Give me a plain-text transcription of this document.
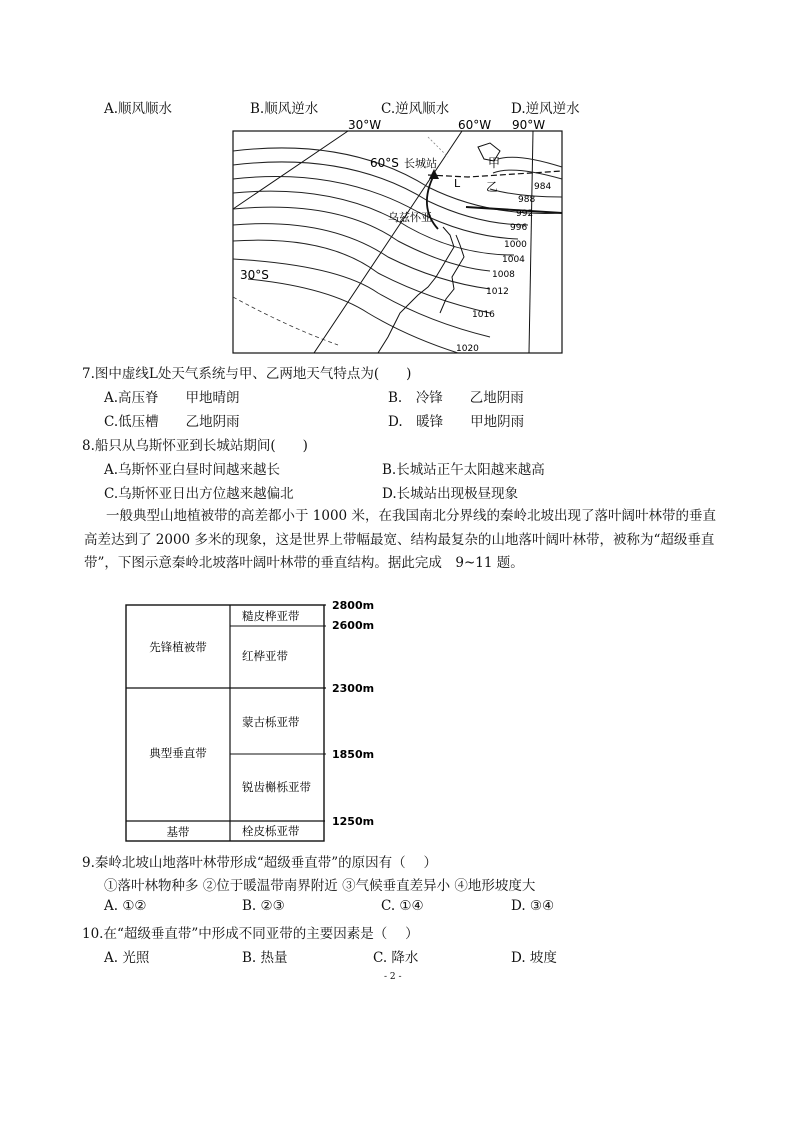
A.顺风顺水	B.顺风逆水	C.逆风顺水	D.逆风逆水
30°W	60°W 90°W
60°S
30°S
长城站
乌兹怀亚
甲
乙
L	984
988
992
996
1000
1004
1008
1012
1016
1020
7.图中虚线L处天气系统与甲、乙两地天气特点为(　　)
A.高压脊　　甲地晴朗	B.　冷锋　　乙地阴雨
C.低压槽　　乙地阴雨	D.　暖锋　　甲地阴雨
8.船只从乌斯怀亚到长城站期间(　　)
A.乌斯怀亚白昼时间越来越长	B.长城站正午太阳越来越高
C.乌斯怀亚日出方位越来越偏北	D.长城站出现极昼现象
一般典型山地植被带的高差都小于 1000 米，在我国南北分界线的秦岭北坡出现了落叶阔叶林带的垂直高差达到了 2000 多米的现象，这是世界上带幅最宽、结构最复杂的山地落叶阔叶林带，被称为“超级垂直带”，下图示意秦岭北坡落叶阔叶林带的垂直结构。据此完成　9~11 题。
先锋植被带
典型垂直带
基带
糙皮桦亚带
红桦亚带
蒙古栎亚带
锐齿槲栎亚带
栓皮栎亚带
2800m
2600m
2300m
1850m
1250m
9.秦岭北坡山地落叶林带形成“超级垂直带”的原因有（　 ）
①落叶林物种多 ②位于暖温带南界附近 ③气候垂直差异小 ④地形坡度大
A. ①②	B. ②③	C. ①④	D. ③④
10.在“超级垂直带”中形成不同亚带的主要因素是（　 ）
A. 光照	B. 热量	C. 降水	D. 坡度
- 2 -
